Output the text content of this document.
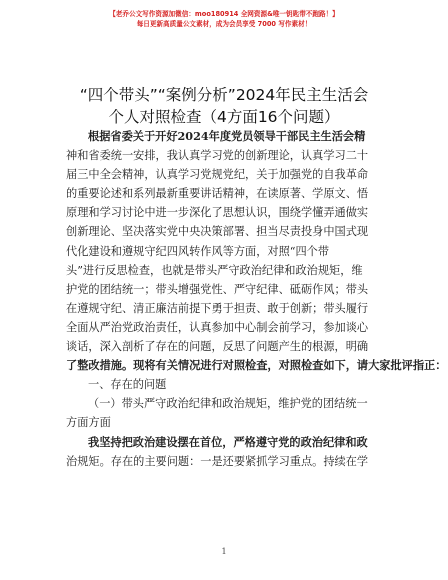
【老乔公文写作资源加微信：moo180914 全网资源&唯一钥匙带不跑路！】
每日更新高质量公文素材，成为会员享受 7000 写作素材！
“四个带头”“案例分析”2024年民主生活会
个人对照检查（4方面16个问题）

根据省委关于开好2024年度党员领导干部民主生活会精
神和省委统一安排，我认真学习党的创新理论，认真学习二十
届三中全会精神，认真学习党规党纪，关于加强党的自我革命
的重要论述和系列最新重要讲话精神，在读原著、学原文、悟
原理和学习讨论中进一步深化了思想认识，围绕学懂弄通做实
创新理论、坚决落实党中央决策部署、担当尽责投身中国式现
代化建设和遵规守纪四风转作风等方面，对照“四个带
头”进行反思检查，也就是带头严守政治纪律和政治规矩，维
护党的团结统一；带头增强党性、严守纪律、砥砺作风；带头
在遵规守纪、清正廉洁前提下勇于担责、敢于创新；带头履行
全面从严治党政治责任，认真参加中心制会前学习，参加谈心
谈话，深入剖析了存在的问题，反思了问题产生的根源，明确
了整改措施。现将有关情况进行对照检查，对照检查如下，请大家批评指正：

一、存在的问题

（一）带头严守政治纪律和政治规矩，维护党的团结统一
方面方面

我坚持把政治建设摆在首位，严格遵守党的政治纪律和政
治规矩。存在的主要问题：一是还要紧抓学习重点。持续在学

1
